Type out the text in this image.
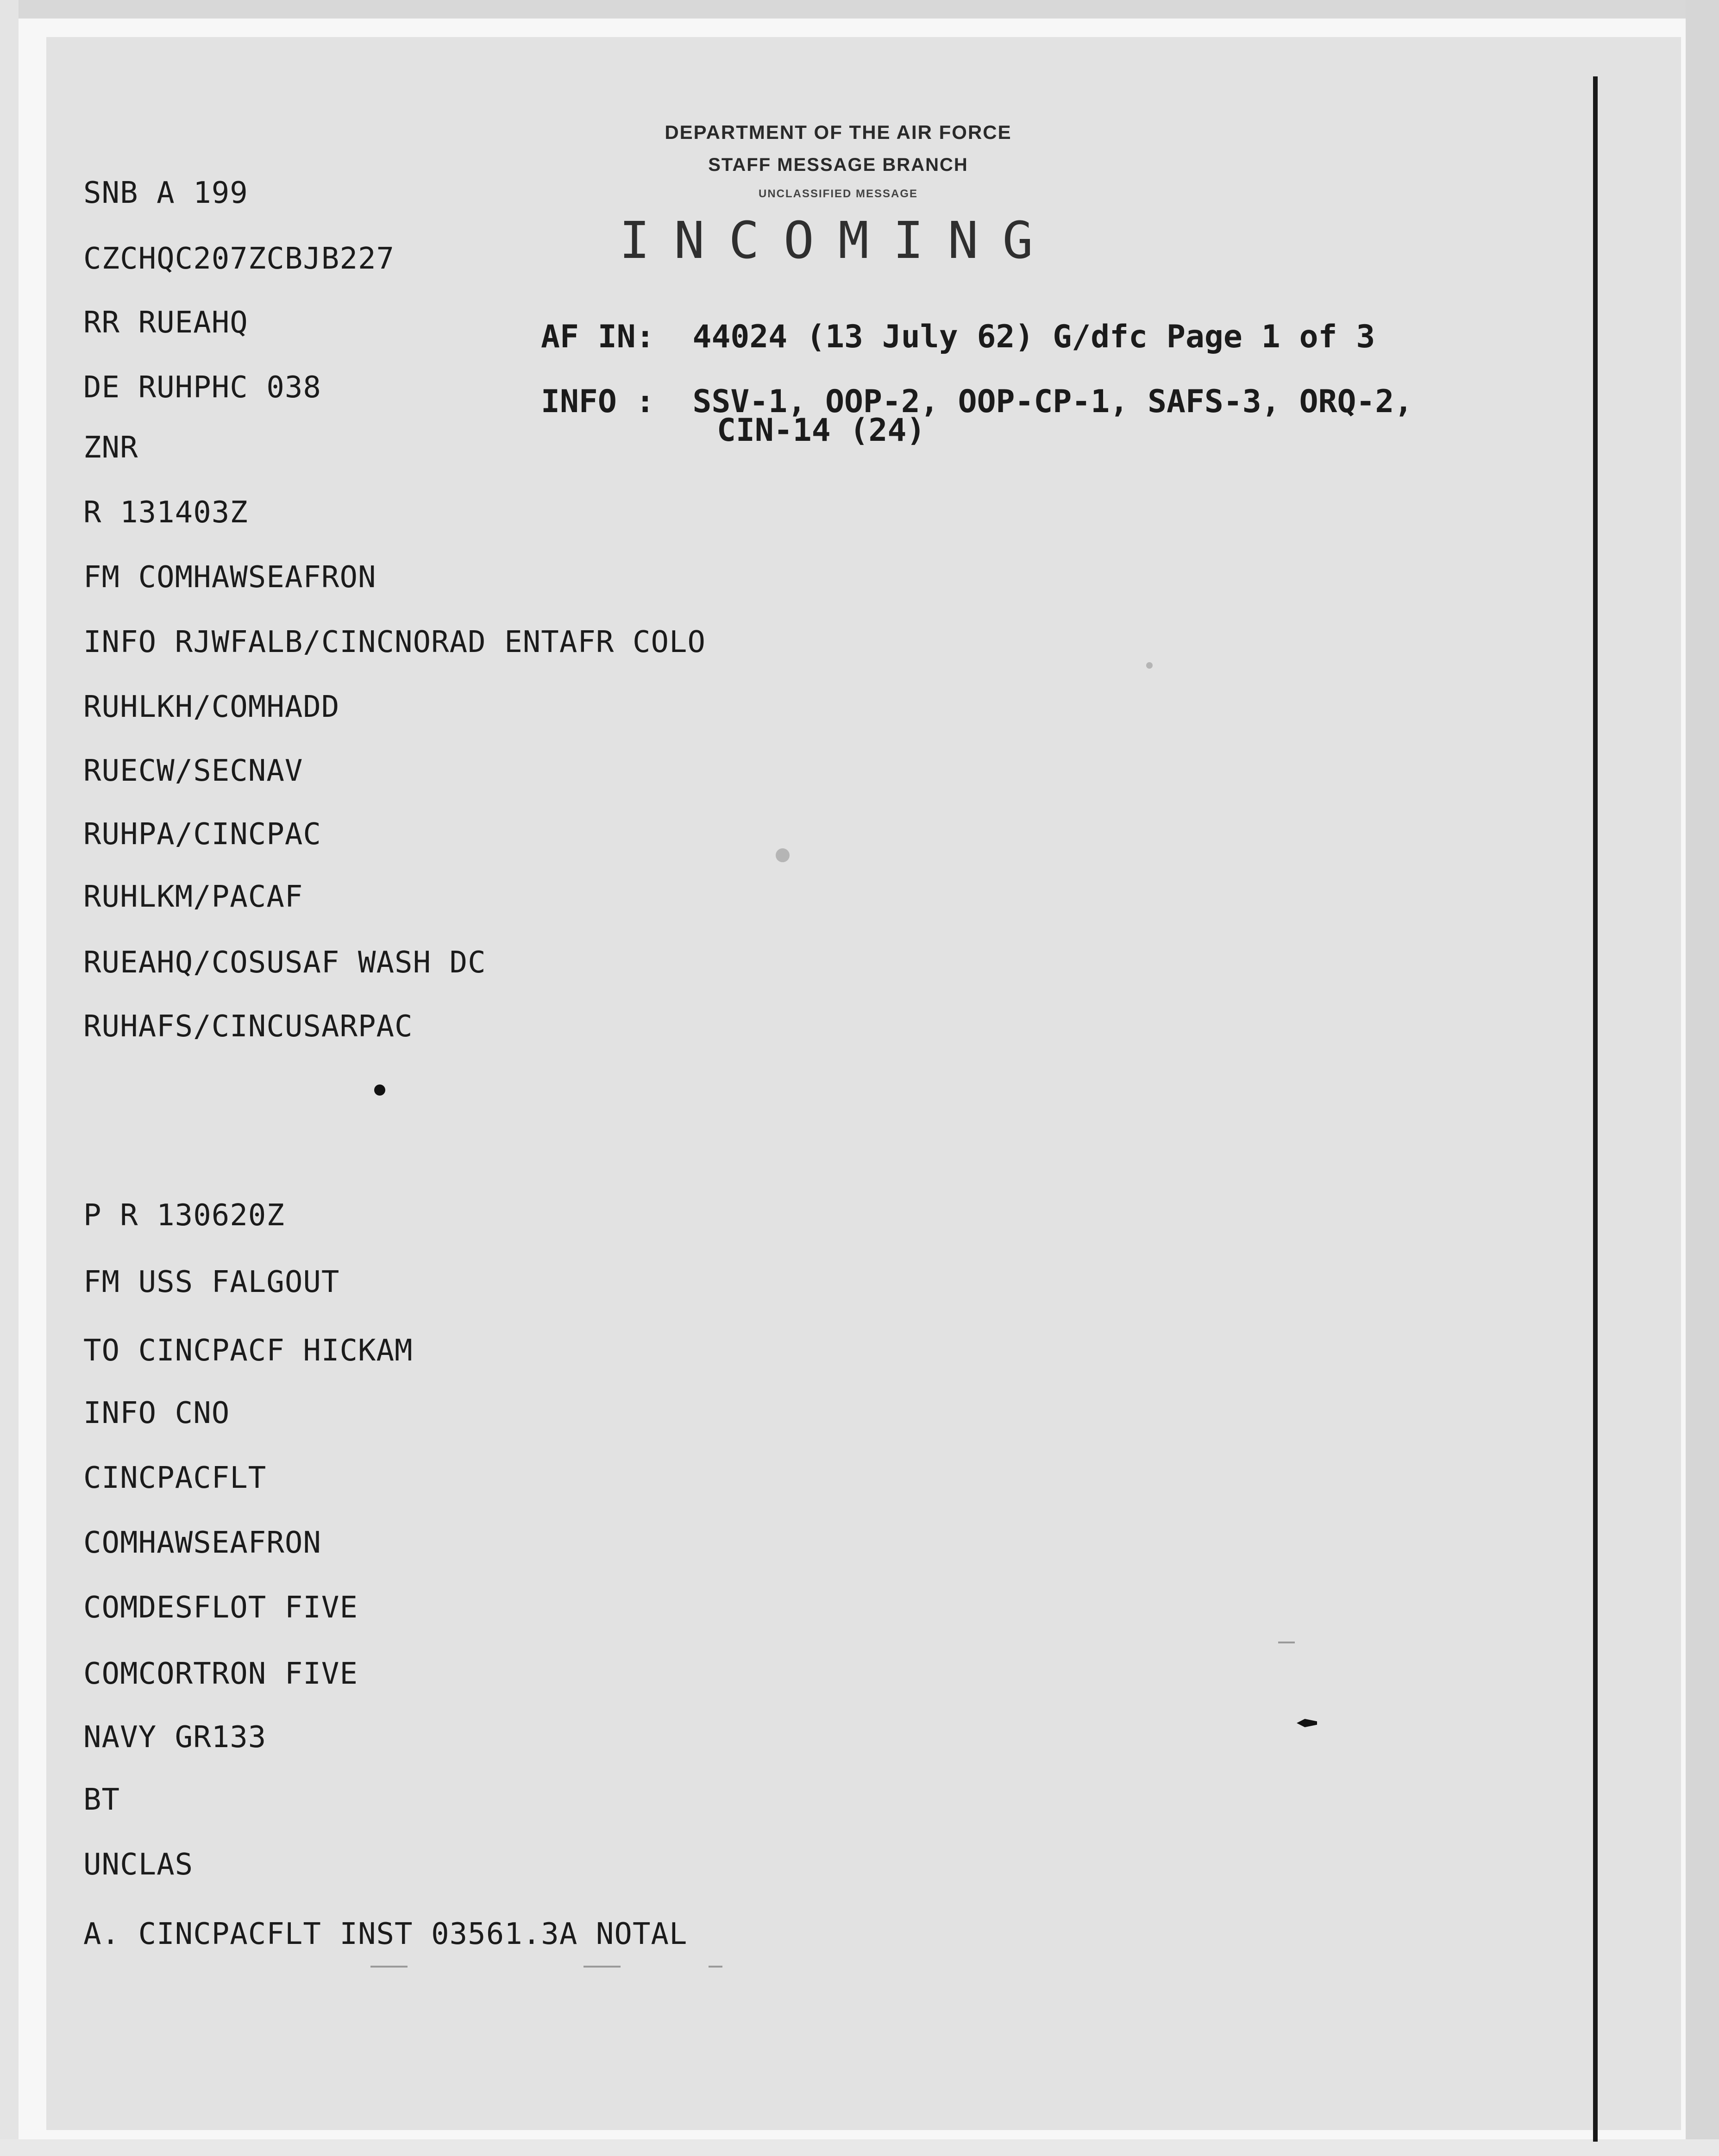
DEPARTMENT OF THE AIR FORCE
STAFF MESSAGE BRANCH
UNCLASSIFIED MESSAGE
INCOMING
AF IN:  44024 (13 July 62) G/dfc Page 1 of 3
INFO :  SSV-1, OOP-2, OOP-CP-1, SAFS-3, ORQ-2,
CIN-14 (24)
SNB A 199
CZCHQC207ZCBJB227
RR RUEAHQ
DE RUHPHC 038
ZNR
R 131403Z
FM COMHAWSEAFRON
INFO RJWFALB/CINCNORAD ENTAFR COLO
RUHLKH/COMHADD
RUECW/SECNAV
RUHPA/CINCPAC
RUHLKM/PACAF
RUEAHQ/COSUSAF WASH DC
RUHAFS/CINCUSARPAC
P R 130620Z
FM USS FALGOUT
TO CINCPACF HICKAM
INFO CNO
CINCPACFLT
COMHAWSEAFRON
COMDESFLOT FIVE
COMCORTRON FIVE
NAVY GR133
BT
UNCLAS
A. CINCPACFLT INST 03561.3A NOTAL
